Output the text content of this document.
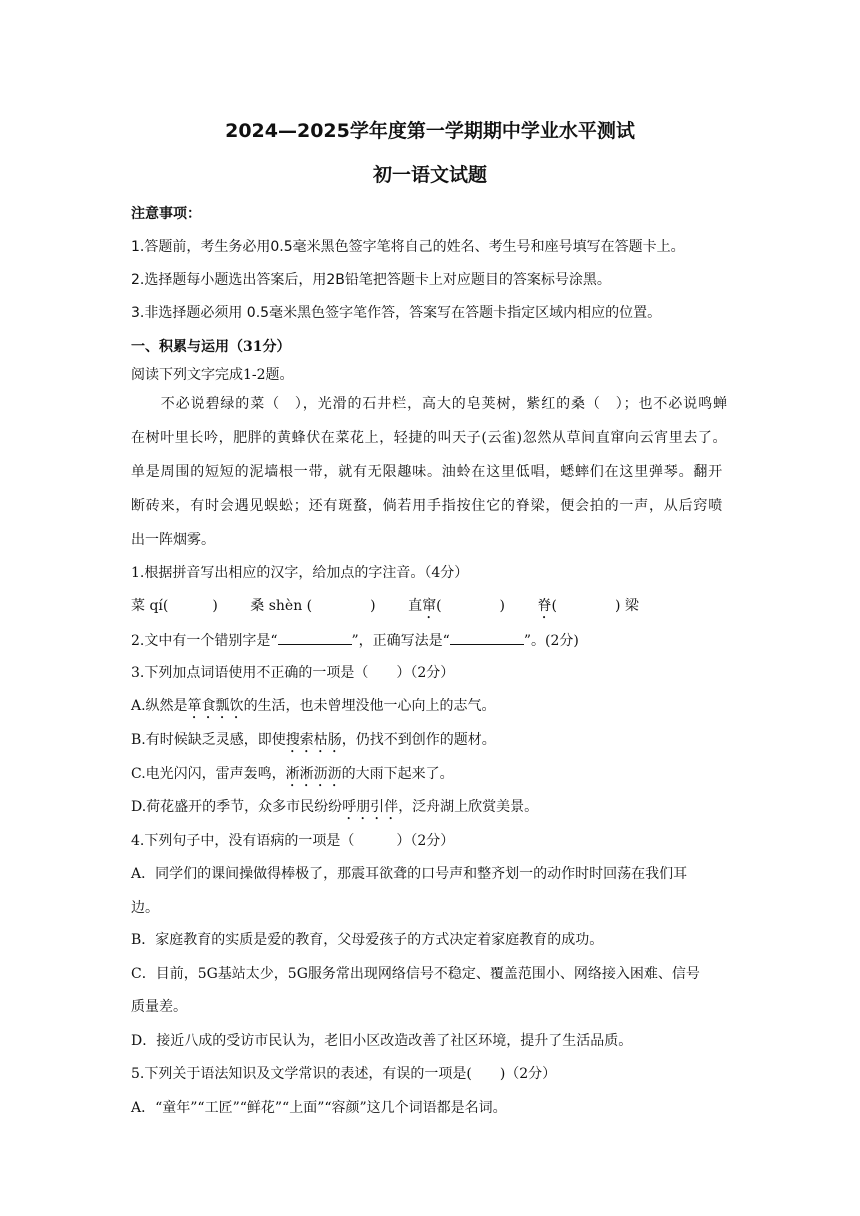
2024—2025学年度第一学期期中学业水平测试
初一语文试题
注意事项：
1.答题前，考生务必用0.5毫米黑色签字笔将自己的姓名、考生号和座号填写在答题卡上。
2.选择题每小题选出答案后，用2B铅笔把答题卡上对应题目的答案标号涂黑。
3.非选择题必须用 0.5毫米黑色签字笔作答，答案写在答题卡指定区域内相应的位置。
一、积累与运用（31分）
阅读下列文字完成1-2题。
　　不必说碧绿的菜（　），光滑的石井栏，高大的皂荚树，紫红的桑（　）；也不必说鸣蝉
在树叶里长吟，肥胖的黄蜂伏在菜花上，轻捷的叫天子(云雀)忽然从草间直窜向云宵里去了。
单是周围的短短的泥墙根一带，就有无限趣味。油蛉在这里低唱，蟋蟀们在这里弹琴。翻开
断砖来，有时会遇见蜈蚣；还有斑蝥，倘若用手指按住它的脊梁，便会拍的一声，从后窍喷
出一阵烟雾。
1.根据拼音写出相应的汉字，给加点的字注音。（4分）
菜 qí(	) 桑 shèn (	) 直窜(	) 脊(	) 梁
2.文中有一个错别字是“	”，正确写法是“	”。(2分)
3.下列加点词语使用不正确的一项是（　　）（2分）
A.纵然是箪食瓢饮的生活，也未曾埋没他一心向上的志气。
B.有时候缺乏灵感，即使搜索枯肠，仍找不到创作的题材。
C.电光闪闪，雷声轰鸣，淅淅沥沥的大雨下起来了。
D.荷花盛开的季节，众多市民纷纷呼朋引伴，泛舟湖上欣赏美景。
4.下列句子中，没有语病的一项是（　　　）（2分）
A．同学们的课间操做得棒极了，那震耳欲聋的口号声和整齐划一的动作时时回荡在我们耳
边。
B．家庭教育的实质是爱的教育，父母爱孩子的方式决定着家庭教育的成功。
C．目前，5G基站太少，5G服务常出现网络信号不稳定、覆盖范围小、网络接入困难、信号
质量差。
D．接近八成的受访市民认为，老旧小区改造改善了社区环境，提升了生活品质。
5.下列关于语法知识及文学常识的表述，有误的一项是(　　)（2分）
A．“童年”“工匠”“鲜花”“上面”“容颜”这几个词语都是名词。
